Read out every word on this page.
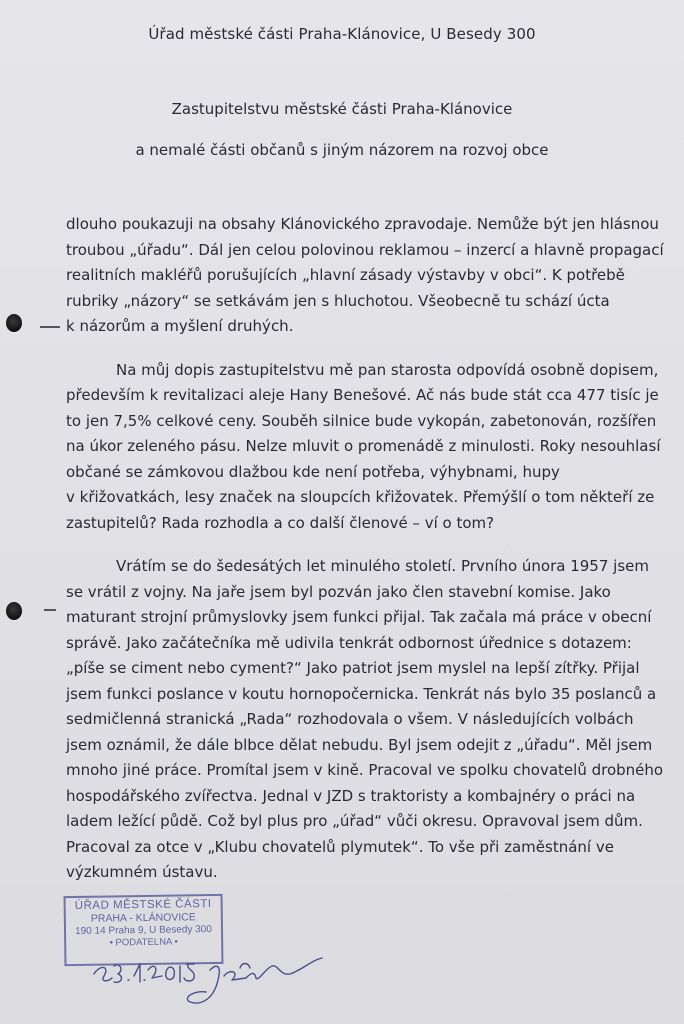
Úřad městské části Praha-Klánovice, U Besedy 300
Zastupitelstvu městské části Praha-Klánovice
a nemalé části občanů s jiným názorem na rozvoj obce
dlouho poukazuji na obsahy Klánovického zpravodaje. Nemůže být jen hlásnou
troubou „úřadu“. Dál jen celou polovinou reklamou – inzercí a hlavně propagací
realitních makléřů porušujících „hlavní zásady výstavby v obci“. K potřebě
rubriky „názory“ se setkávám jen s hluchotou. Všeobecně tu schází úcta
k názorům a myšlení druhých.
Na můj dopis zastupitelstvu mě pan starosta odpovídá osobně dopisem,
především k revitalizaci aleje Hany Benešové. Ač nás bude stát cca 477 tisíc je
to jen 7,5% celkové ceny. Souběh silnice bude vykopán, zabetonován, rozšířen
na úkor zeleného pásu. Nelze mluvit o promenádě z minulosti. Roky nesouhlasí
občané se zámkovou dlažbou kde není potřeba, výhybnami, hupy
v křižovatkách, lesy značek na sloupcích křižovatek. Přemýšlí o tom někteří ze
zastupitelů? Rada rozhodla a co další členové – ví o tom?
Vrátím se do šedesátých let minulého století. Prvního února 1957 jsem
se vrátil z vojny. Na jaře jsem byl pozván jako člen stavební komise. Jako
maturant strojní průmyslovky jsem funkci přijal. Tak začala má práce v obecní
správě. Jako začátečníka mě udivila tenkrát odbornost úřednice s dotazem:
„píše se ciment nebo cyment?“ Jako patriot jsem myslel na lepší zítřky. Přijal
jsem funkci poslance v koutu hornopočernicka. Tenkrát nás bylo 35 poslanců a
sedmičlenná stranická „Rada“ rozhodovala o všem. V následujících volbách
jsem oznámil, že dále blbce dělat nebudu. Byl jsem odejit z „úřadu“. Měl jsem
mnoho jiné práce. Promítal jsem v kině. Pracoval ve spolku chovatelů drobného
hospodářského zvířectva. Jednal v JZD s traktoristy a kombajnéry o práci na
ladem ležící půdě. Což byl plus pro „úřad“ vůči okresu. Opravoval jsem dům.
Pracoval za otce v „Klubu chovatelů plymutek“. To vše při zaměstnání ve
výzkumném ústavu.
ÚŘAD MĚSTSKÉ ČÁSTI
PRAHA - KLÁNOVICE
190 14 Praha 9, U Besedy 300
• PODATELNA •
